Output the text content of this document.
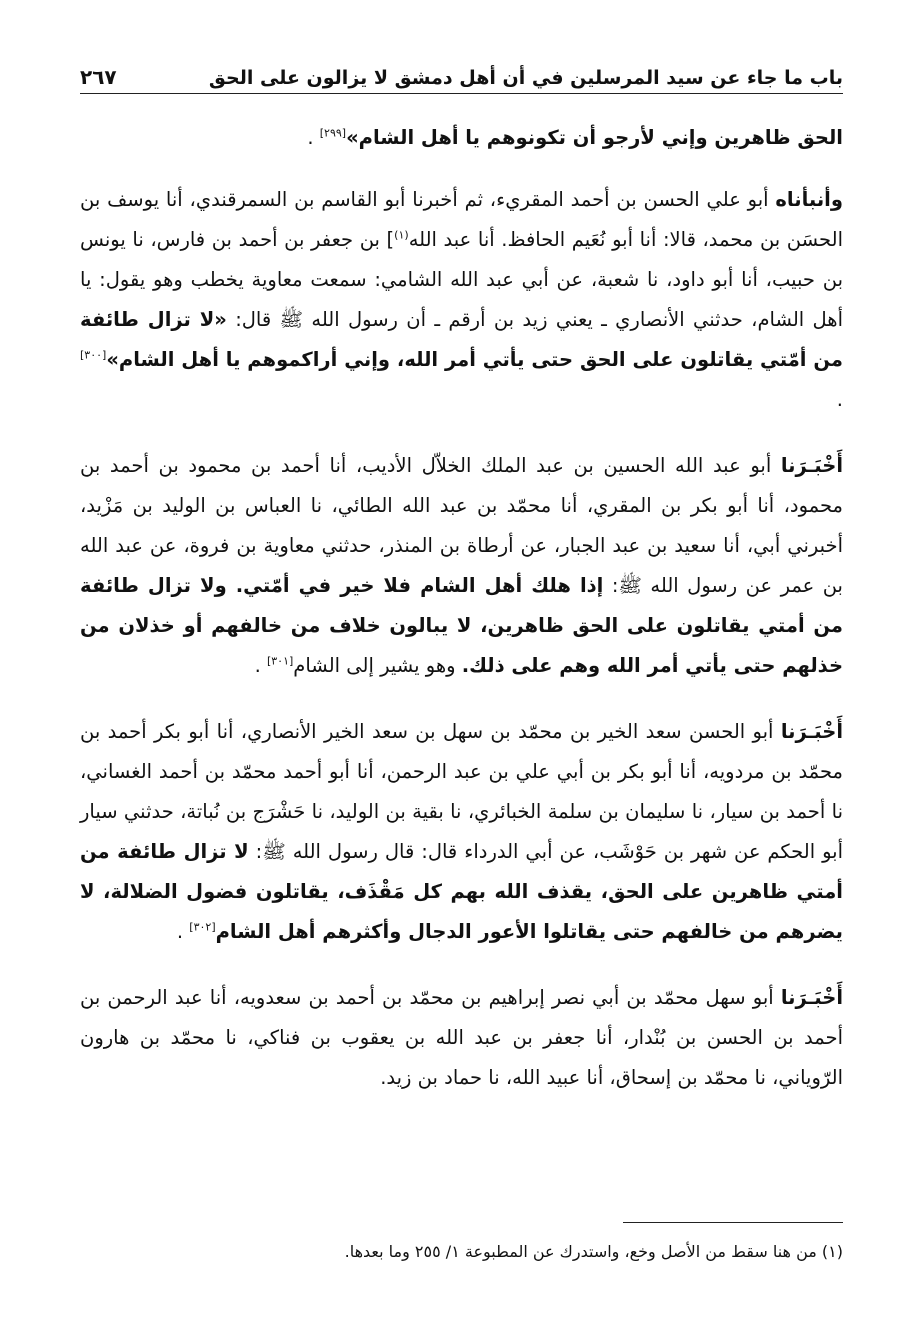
باب ما جاء عن سيد المرسلين في أن أهل دمشق لا يزالون على الحق
٢٦٧

الحق ظاهرين وإني لأرجو أن تكونوهم يا أهل الشام»[٢٩٩] .

وأنبأناه أبو علي الحسن بن أحمد المقريء، ثم أخبرنا أبو القاسم بن السمرقندي، أنا يوسف بن الحسَن بن محمد، قالا: أنا أبو نُعَيم الحافظ. أنا عبد الله$^{(١)}$] بن جعفر بن أحمد بن فارس، نا يونس بن حبيب، أنا أبو داود، نا شعبة، عن أبي عبد الله الشامي: سمعت معاوية يخطب وهو يقول: يا أهل الشام، حدثني الأنصاري ـ يعني زيد بن أرقم ـ أن رسول الله ﷺ قال: «لا تزال طائفة من أمّتي يقاتلون على الحق حتى يأتي أمر الله، وإني أراكموهم يا أهل الشام»[٣٠٠] .

أَخْبَـرَنا أبو عبد الله الحسين بن عبد الملك الخلاّل الأديب، أنا أحمد بن محمود بن أحمد بن محمود، أنا أبو بكر بن المقري، أنا محمّد بن عبد الله الطائي، نا العباس بن الوليد بن مَزْيد، أخبرني أبي، أنا سعيد بن عبد الجبار، عن أرطاة بن المنذر، حدثني معاوية بن فروة، عن عبد الله بن عمر عن رسول الله ﷺ: إذا هلك أهل الشام فلا خير في أمّتي. ولا تزال طائفة من أمتي يقاتلون على الحق ظاهرين، لا يبالون خلاف من خالفهم أو خذلان من خذلهم حتى يأتي أمر الله وهم على ذلك. وهو يشير إلى الشام[٣٠١] .

أَخْبَـرَنا أبو الحسن سعد الخير بن محمّد بن سهل بن سعد الخير الأنصاري، أنا أبو بكر أحمد بن محمّد بن مردويه، أنا أبو بكر بن أبي علي بن عبد الرحمن، أنا أبو أحمد محمّد بن أحمد الغساني، نا أحمد بن سيار، نا سليمان بن سلمة الخبائري، نا بقية بن الوليد، نا حَشْرَج بن نُباتة، حدثني سيار أبو الحكم عن شهر بن حَوْشَب، عن أبي الدرداء قال: قال رسول الله ﷺ: لا تزال طائفة من أمتي ظاهرين على الحق، يقذف الله بهم كل مَقْذَف، يقاتلون فضول الضلالة، لا يضرهم من خالفهم حتى يقاتلوا الأعور الدجال وأكثرهم أهل الشام[٣٠٢] .

أَخْبَـرَنا أبو سهل محمّد بن أبي نصر إبراهيم بن محمّد بن أحمد بن سعدويه، أنا عبد الرحمن بن أحمد بن الحسن بن بُنْدار، أنا جعفر بن عبد الله بن يعقوب بن فناكي، نا محمّد بن هارون الرّوياني، نا محمّد بن إسحاق، أنا عبيد الله، نا حماد بن زيد.

(١) من هنا سقط من الأصل وخع، واستدرك عن المطبوعة ١/ ٢٥٥ وما بعدها.
